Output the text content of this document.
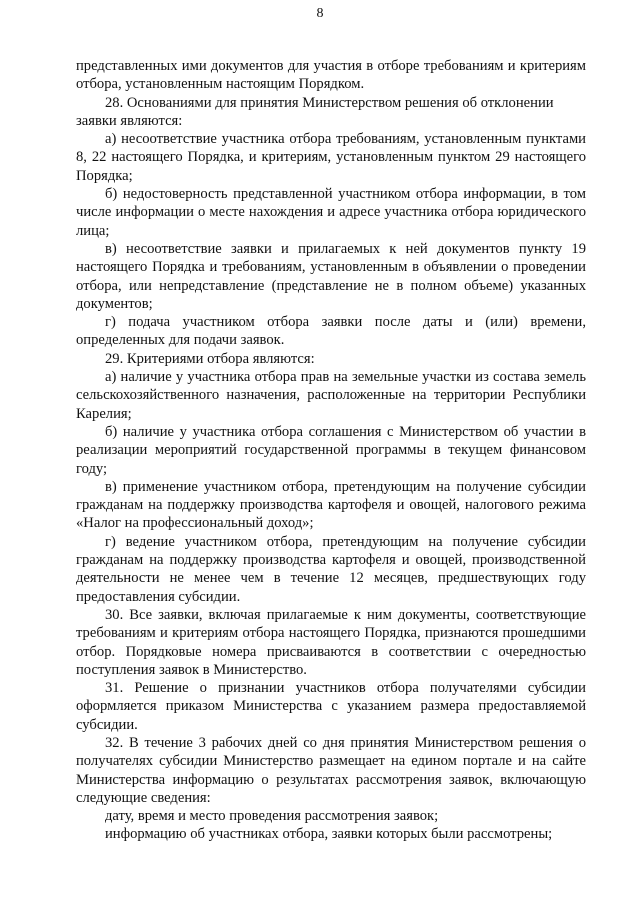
8

представленных ими документов для участия в отборе требованиям и критериям отбора, установленным настоящим Порядком.

28. Основаниями для принятия Министерством решения об отклонении заявки являются:

а) несоответствие участника отбора требованиям, установленным пунктами 8, 22 настоящего Порядка, и критериям, установленным пунктом 29 настоящего Порядка;

б) недостоверность представленной участником отбора информации, в том числе информации о месте нахождения и адресе участника отбора юридического лица;

в) несоответствие заявки и прилагаемых к ней документов пункту 19 настоящего Порядка и требованиям, установленным в объявлении о проведении отбора, или непредставление (представление не в полном объеме) указанных документов;

г) подача участником отбора заявки после даты и (или) времени, определенных для подачи заявок.

29. Критериями отбора являются:

а) наличие у участника отбора прав на земельные участки из состава земель сельскохозяйственного назначения, расположенные на территории Республики Карелия;

б) наличие у участника отбора соглашения с Министерством об участии в реализации мероприятий государственной программы в текущем финансовом году;

в) применение участником отбора, претендующим на получение субсидии гражданам на поддержку производства картофеля и овощей, налогового режима «Налог на профессиональный доход»;

г) ведение участником отбора, претендующим на получение субсидии гражданам на поддержку производства картофеля и овощей, производственной деятельности не менее чем в течение 12 месяцев, предшествующих году предоставления субсидии.

30. Все заявки, включая прилагаемые к ним документы, соответствующие требованиям и критериям отбора настоящего Порядка, признаются прошедшими отбор. Порядковые номера присваиваются в соответствии с очередностью поступления заявок в Министерство.

31. Решение о признании участников отбора получателями субсидии оформляется приказом Министерства с указанием размера предоставляемой субсидии.

32. В течение 3 рабочих дней со дня принятия Министерством решения о получателях субсидии Министерство размещает на едином портале и на сайте Министерства информацию о результатах рассмотрения заявок, включающую следующие сведения:

дату, время и место проведения рассмотрения заявок;

информацию об участниках отбора, заявки которых были рассмотрены;
